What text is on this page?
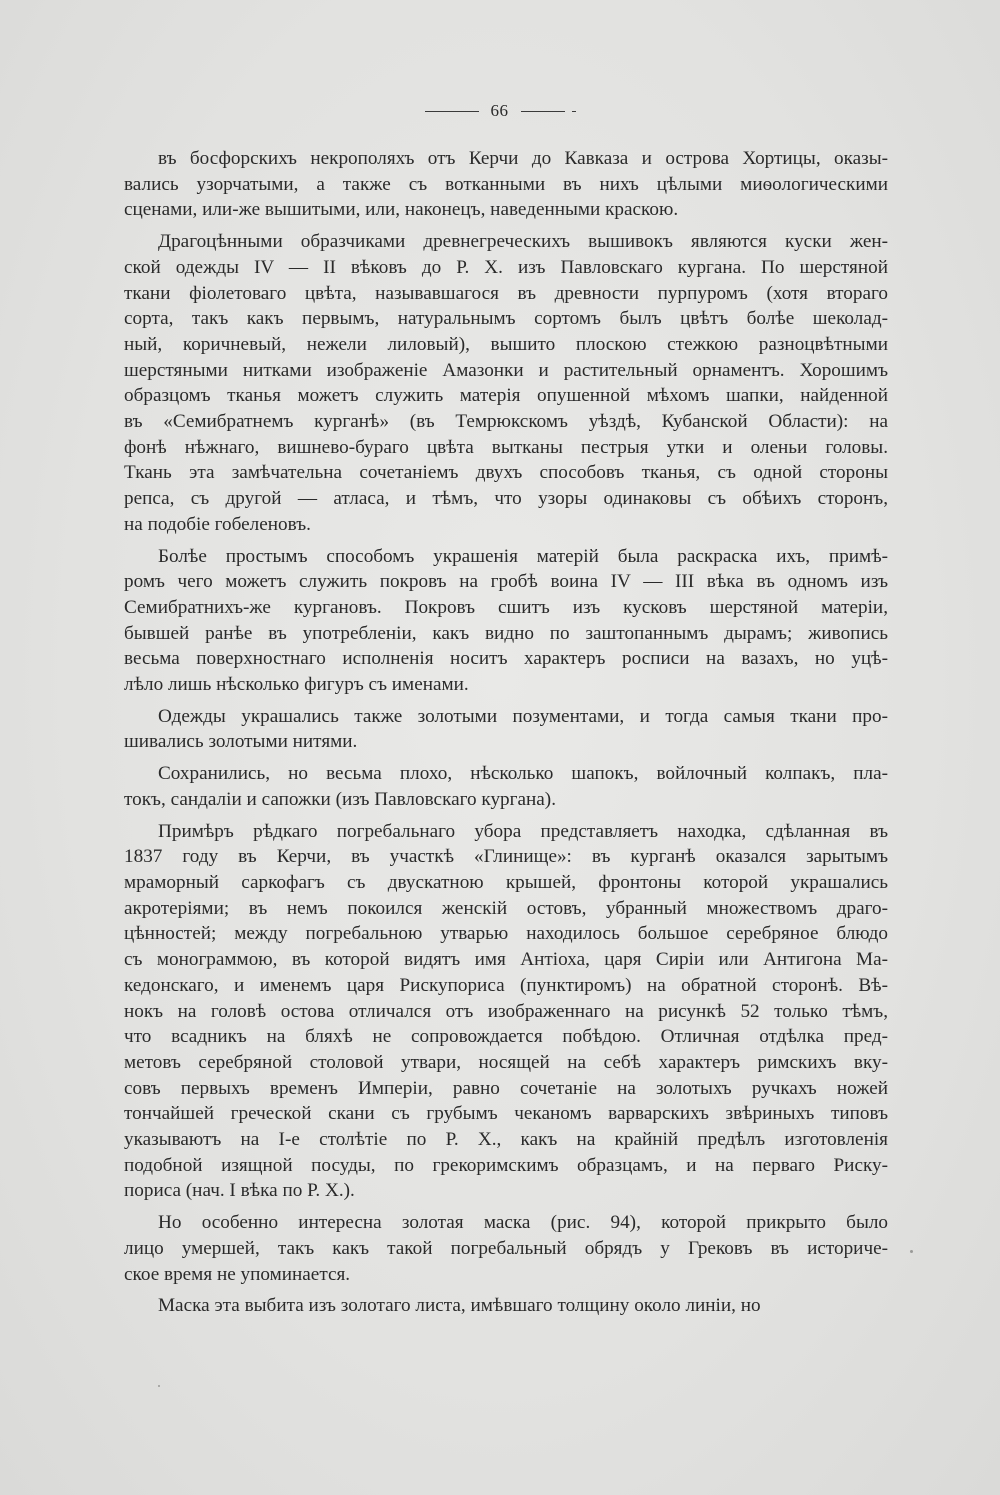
66
въ босфорскихъ некрополяхъ отъ Керчи до Кавказа и острова Хортицы, оказы-
вались узорчатыми, а также съ вотканными въ нихъ цѣлыми миѳологическими
сценами, или-же вышитыми, или, наконецъ, наведенными краскою.
Драгоцѣнными образчиками древнегреческихъ вышивокъ являются куски жен-
ской одежды IV — II вѣковъ до Р. Х. изъ Павловскаго кургана. По шерстяной
ткани фіолетоваго цвѣта, называвшагося въ древности пурпуромъ (хотя втораго
сорта, такъ какъ первымъ, натуральнымъ сортомъ былъ цвѣтъ болѣе шеколад-
ный, коричневый, нежели лиловый), вышито плоскою стежкою разноцвѣтными
шерстяными нитками изображеніе Амазонки и растительный орнаментъ. Хорошимъ
образцомъ тканья можетъ служить матерія опушенной мѣхомъ шапки, найденной
въ «Семибратнемъ курганѣ» (въ Темрюкскомъ уѣздѣ, Кубанской Области): на
фонѣ нѣжнаго, вишнево-бураго цвѣта вытканы пестрыя утки и оленьи головы.
Ткань эта замѣчательна сочетаніемъ двухъ способовъ тканья, съ одной стороны
репса, съ другой — атласа, и тѣмъ, что узоры одинаковы съ обѣихъ сторонъ,
на подобіе гобеленовъ.
Болѣе простымъ способомъ украшенія матерій была раскраска ихъ, примѣ-
ромъ чего можетъ служить покровъ на гробѣ воина IV — III вѣка въ одномъ изъ
Семибратнихъ-же кургановъ. Покровъ сшитъ изъ кусковъ шерстяной матеріи,
бывшей ранѣе въ употребленіи, какъ видно по заштопаннымъ дырамъ; живопись
весьма поверхностнаго исполненія носитъ характеръ росписи на вазахъ, но уцѣ-
лѣло лишь нѣсколько фигуръ съ именами.
Одежды украшались также золотыми позументами, и тогда самыя ткани про-
шивались золотыми нитями.
Сохранились, но весьма плохо, нѣсколько шапокъ, войлочный колпакъ, пла-
токъ, сандаліи и сапожки (изъ Павловскаго кургана).
Примѣръ рѣдкаго погребальнаго убора представляетъ находка, сдѣланная въ
1837 году въ Керчи, въ участкѣ «Глинище»: въ курганѣ оказался зарытымъ
мраморный саркофагъ съ двускатною крышей, фронтоны которой украшались
акротеріями; въ немъ покоился женскій остовъ, убранный множествомъ драго-
цѣнностей; между погребальною утварью находилось большое серебряное блюдо
съ монограммою, въ которой видятъ имя Антіоха, царя Сиріи или Антигона Ма-
кедонскаго, и именемъ царя Рискупориса (пунктиромъ) на обратной сторонѣ. Вѣ-
нокъ на головѣ остова отличался отъ изображеннаго на рисункѣ 52 только тѣмъ,
что всадникъ на бляхѣ не сопровождается побѣдою. Отличная отдѣлка пред-
метовъ серебряной столовой утвари, носящей на себѣ характеръ римскихъ вку-
совъ первыхъ временъ Имперіи, равно сочетаніе на золотыхъ ручкахъ ножей
тончайшей греческой скани съ грубымъ чеканомъ варварскихъ звѣриныхъ типовъ
указываютъ на I-е столѣтіе по Р. Х., какъ на крайній предѣлъ изготовленія
подобной изящной посуды, по грекоримскимъ образцамъ, и на перваго Риску-
пориса (нач. I вѣка по Р. Х.).
Но особенно интересна золотая маска (рис. 94), которой прикрыто было
лицо умершей, такъ какъ такой погребальный обрядъ у Грековъ въ историче-
ское время не упоминается.
Маска эта выбита изъ золотаго листа, имѣвшаго толщину около линіи, но
